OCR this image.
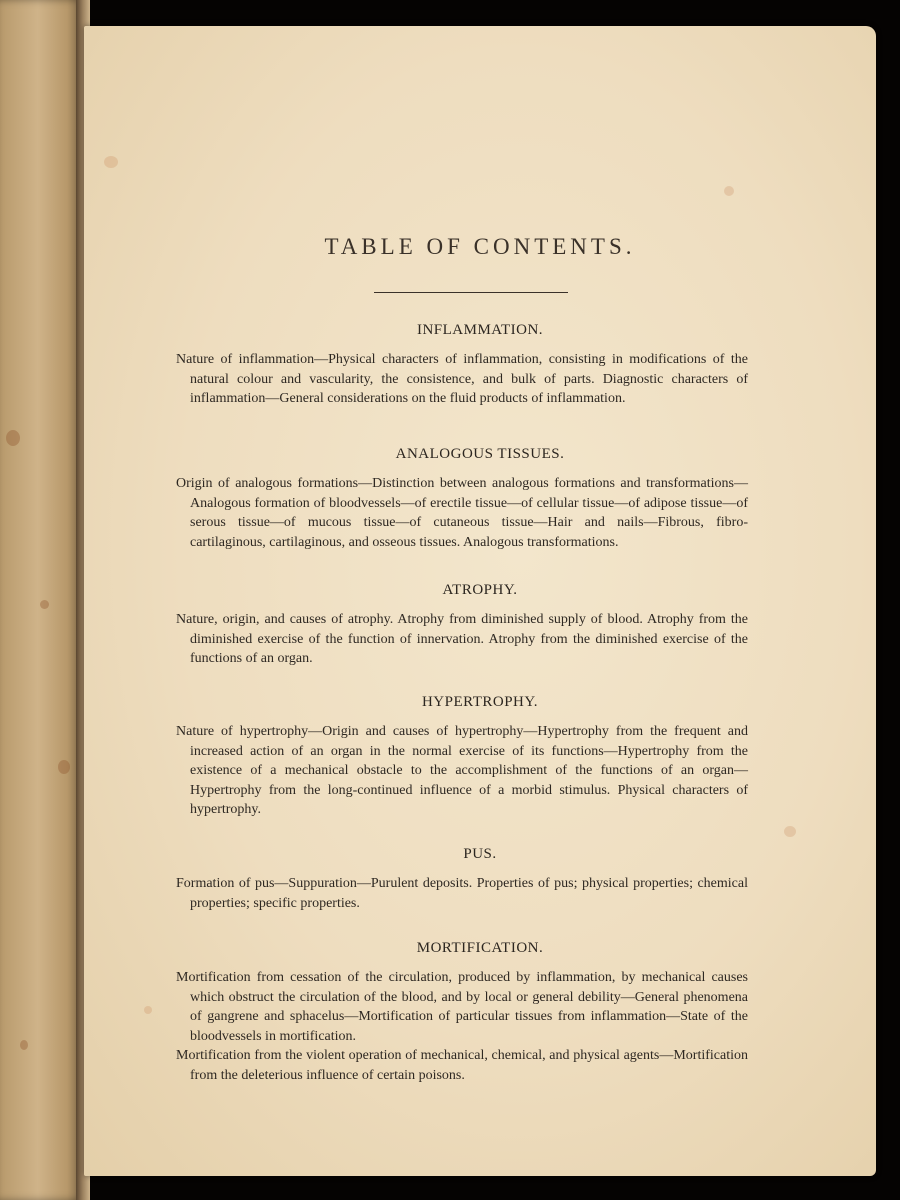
TABLE OF CONTENTS.
INFLAMMATION.
Nature of inflammation—Physical characters of inflammation, consisting in modifications of the natural colour and vascularity, the consistence, and bulk of parts. Diagnostic characters of inflammation—General considerations on the fluid products of inflammation.
ANALOGOUS TISSUES.
Origin of analogous formations—Distinction between analogous formations and transformations—Analogous formation of bloodvessels—of erectile tissue—of cellular tissue—of adipose tissue—of serous tissue—of mucous tissue—of cutaneous tissue—Hair and nails—Fibrous, fibro-cartilaginous, cartilaginous, and osseous tissues. Analogous transformations.
ATROPHY.
Nature, origin, and causes of atrophy. Atrophy from diminished supply of blood. Atrophy from the diminished exercise of the function of innervation. Atrophy from the diminished exercise of the functions of an organ.
HYPERTROPHY.
Nature of hypertrophy—Origin and causes of hypertrophy—Hypertrophy from the frequent and increased action of an organ in the normal exercise of its functions—Hypertrophy from the existence of a mechanical obstacle to the accomplishment of the functions of an organ—Hypertrophy from the long-continued influence of a morbid stimulus. Physical characters of hypertrophy.
PUS.
Formation of pus—Suppuration—Purulent deposits. Properties of pus; physical properties; chemical properties; specific properties.
MORTIFICATION.
Mortification from cessation of the circulation, produced by inflammation, by mechanical causes which obstruct the circulation of the blood, and by local or general debility—General phenomena of gangrene and sphacelus—Mortification of particular tissues from inflammation—State of the bloodvessels in mortification.
Mortification from the violent operation of mechanical, chemical, and physical agents—Mortification from the deleterious influence of certain poisons.
